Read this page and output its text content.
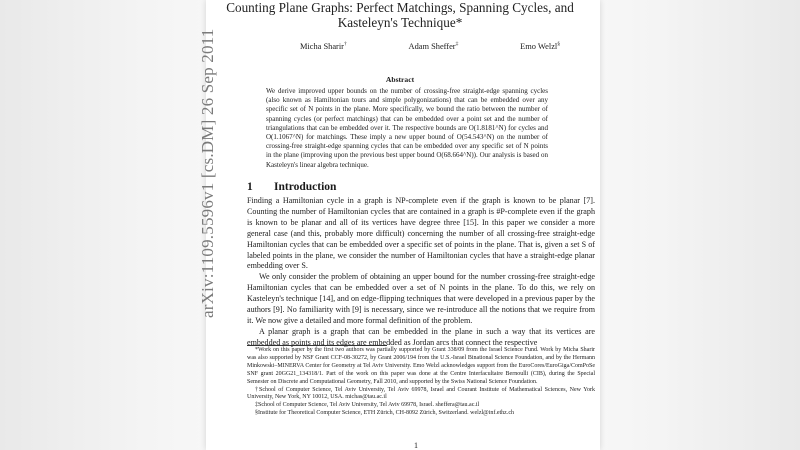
arXiv:1109.5596v1 [cs.DM] 26 Sep 2011
Counting Plane Graphs: Perfect Matchings, Spanning Cycles, and
Kasteleyn's Technique*
Micha Sharir†	Adam Sheffer‡	Emo Welzl§
Abstract

We derive improved upper bounds on the number of crossing-free straight-edge spanning cycles (also known as Hamiltonian tours and simple polygonizations) that can be embedded over any specific set of N points in the plane. More specifically, we bound the ratio between the number of spanning cycles (or perfect matchings) that can be embedded over a point set and the number of triangulations that can be embedded over it. The respective bounds are O(1.8181^N) for cycles and O(1.1067^N) for matchings. These imply a new upper bound of O(54.543^N) on the number of crossing-free straight-edge spanning cycles that can be embedded over any specific set of N points in the plane (improving upon the previous best upper bound O(68.664^N)). Our analysis is based on Kasteleyn's linear algebra technique.

1 Introduction

Finding a Hamiltonian cycle in a graph is NP-complete even if the graph is known to be planar [7]. Counting the number of Hamiltonian cycles that are contained in a graph is #P-complete even if the graph is known to be planar and all of its vertices have degree three [15]. In this paper we consider a more general case (and this, probably more difficult) concerning the number of all crossing-free straight-edge Hamiltonian cycles that can be embedded over a specific set of points in the plane. That is, given a set S of labeled points in the plane, we consider the number of Hamiltonian cycles that have a straight-edge planar embedding over S.

We only consider the problem of obtaining an upper bound for the number crossing-free straight-edge Hamiltonian cycles that can be embedded over a set of N points in the plane. To do this, we rely on Kasteleyn's technique [14], and on edge-flipping techniques that were developed in a previous paper by the authors [9]. No familiarity with [9] is necessary, since we re-introduce all the notions that we require from it. We now give a detailed and more formal definition of the problem.

A planar graph is a graph that can be embedded in the plane in such a way that its vertices are embedded as points and its edges are embedded as Jordan arcs that connect the respective

*Work on this paper by the first two authors was partially supported by Grant 338/09 from the Israel Science Fund. Work by Micha Sharir was also supported by NSF Grant CCF-08-30272, by Grant 2006/194 from the U.S.-Israel Binational Science Foundation, and by the Hermann Minkowski–MINERVA Center for Geometry at Tel Aviv University. Emo Welzl acknowledges support from the EuroCores/EuroGiga/ComPoSe SNF grant 20GG21_134318/1. Part of the work on this paper was done at the Centre Interfacultaire Bernoulli (CIB), during the Special Semester on Discrete and Computational Geometry, Fall 2010, and supported by the Swiss National Science Foundation.

†School of Computer Science, Tel Aviv University, Tel Aviv 69978, Israel and Courant Institute of Mathematical Sciences, New York University, New York, NY 10012, USA. michas@tau.ac.il

‡School of Computer Science, Tel Aviv University, Tel Aviv 69978, Israel. sheffera@tau.ac.il

§Institute for Theoretical Computer Science, ETH Zürich, CH-8092 Zürich, Switzerland. welzl@inf.ethz.ch

1
